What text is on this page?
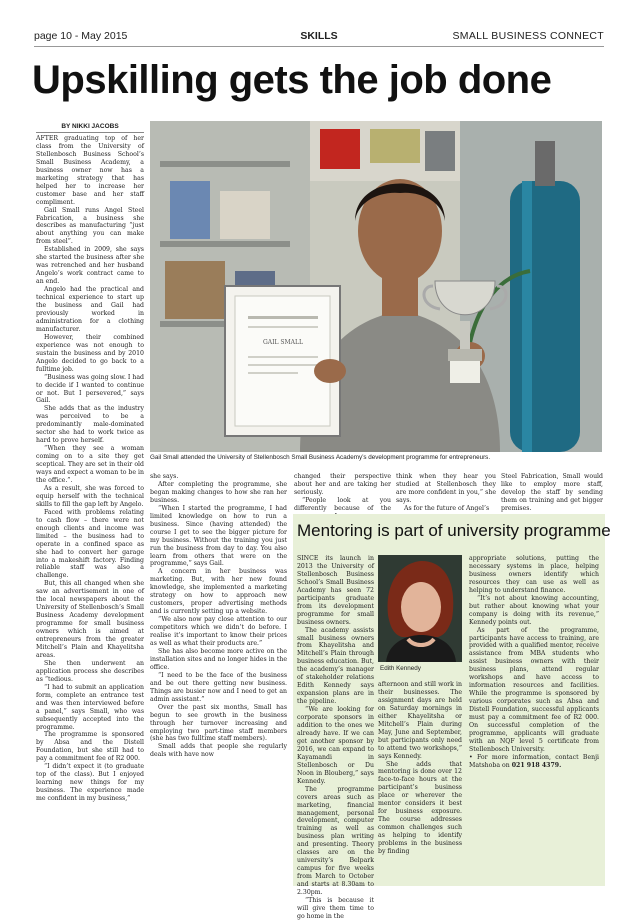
page 10 - May 2015	SKILLS	SMALL BUSINESS CONNECT
Upskilling gets the job done
BY NIKKI JACOBS

AFTER graduating top of her class from the University of Stellenbosch Business School’s Small Business Academy, a business owner now has a marketing strategy that has helped her to increase her customer base and her staff compliment.

Gail Small runs Angel Steel Fabrication, a business she describes as manufacturing “just about anything you can make from steel”.

Established in 2009, she says she started the business after she was retrenched and her husband Angelo’s work contract came to an end.

Angelo had the practical and technical experience to start up the business and Gail had previously worked in administration for a clothing manufacturer.

However, their combined experience was not enough to sustain the business and by 2010 Angelo decided to go back to a fulltime job.

“Business was going slow. I had to decide if I wanted to continue or not. But I persevered,” says Gail.

She adds that as the industry was perceived to be a predominantly male-dominated sector she had to work twice as hard to prove herself.

“When they see a woman coming on to a site they get sceptical. They are set in their old ways and expect a woman to be in the office.”.

As a result, she was forced to equip herself with the technical skills to fill the gap left by Angelo.

Faced with problems relating to cash flow – there were not enough clients and income was limited – the business had to operate in a confined space as she had to convert her garage into a makeshift factory. Finding reliable staff was also a challenge.

But, this all changed when she saw an advertisement in one of the local newspapers about the University of Stellenbosch’s Small Business Academy development programme for small business owners which is aimed at entrepreneurs from the greater Mitchell’s Plain and Khayelitsha areas.

She then underwent an application process she describes as “tedious.

“I had to submit an application form, complete an entrance test and was then interviewed before a panel,” says Small, who was subsequently accepted into the programme.

The programme is sponsored by Absa and the Distell Foundation, but she still had to pay a commitment fee of R2 000.

“I didn’t expect it (to graduate top of the class). But I enjoyed learning new things for my business. The experience made me confident in my business,”

GAIL SMALL
Gail Small attended the University of Stellenbosch Small Business Academy’s development programme for entrepreneurs.

she says.

After completing the programme, she began making changes to how she ran her business.

“When I started the programme, I had limited knowledge on how to run a business. Since (having attended) the course I get to see the bigger picture for my business. Without the training you just run the business from day to day. You also learn from others that were on the programme,” says Gail.

A concern in her business was marketing. But, with her new found knowledge, she implemented a marketing strategy on how to approach new customers, proper advertising methods and is currently setting up a website.

“We also now pay close attention to our competitors which we didn’t do before. I realise it’s important to know their prices as well as what their products are.”

She has also become more active on the installation sites and no longer hides in the office.

“I need to be the face of the business and be out there getting new business. Things are busier now and I need to get an admin assistant.”

Over the past six months, Small has begun to see growth in the business through her turnover increasing and employing two part-time staff members (she has two fulltime staff members).

Small adds that people she regularly deals with have now

changed their perspective about her and are taking her seriously.

“People look at you differently because of the

think when they hear you studied at Stellenbosch they are more confident in you,” she says.

As for the future of Angel’s

Steel Fabrication, Small would like to employ more staff, develop the staff by sending them on training and get bigger premises.

Mentoring is part of university programme

SINCE its launch in 2013 the University of Stellenbosch Business School’s Small Business Academy has seen 72 participants graduate from its development programme for small business owners.

The academy assists small business owners from Khayelitsha and Mitchell’s Plain through business education. But, the academy’s manager of stakeholder relations Edith Kennedy says expansion plans are in the pipeline.

“We are looking for corporate sponsors in addition to the ones we already have. If we can get another sponsor by 2016, we can expand to Kayamandi in Stellenbosch or Du Noon in Blouberg,” says Kennedy.

The programme covers areas such as marketing, financial management, personal development, computer training as well as business plan writing and presenting. Theory classes are on the university’s Belpark campus for five weeks from March to October and starts at 8.30am to 2.30pm.

“This is because it will give them time to go home in the

Edith Kennedy

afternoon and still work in their businesses. The assignment days are held on Saturday mornings in either Khayelitsha or Mitchell’s Plain during May, June and September, but participants only need to attend two workshops,” says Kennedy.

She adds that mentoring is done over 12 face-to-face hours at the participant’s business place or wherever the mentor considers it best for business exposure. The course addresses common challenges such as helping to identify problems in the business by finding

appropriate solutions, putting the necessary systems in place, helping business owners identify which resources they can use as well as helping to understand finance.

“It’s not about knowing accounting, but rather about knowing what your company is doing with its revenue,” Kennedy points out.

As part of the programme, participants have access to training, are provided with a qualified mentor, receive assistance from MBA students who assist business owners with their business plans, attend regular workshops and have access to information resources and facilities. While the programme is sponsored by various corporates such as Absa and Distell Foundation, successful applicants must pay a commitment fee of R2 000. On successful completion of the programme, applicants will graduate with an NQF level 5 certificate from Stellenbosch University.

• For more information, contact Benji Matshoba on 021 918 4379.
